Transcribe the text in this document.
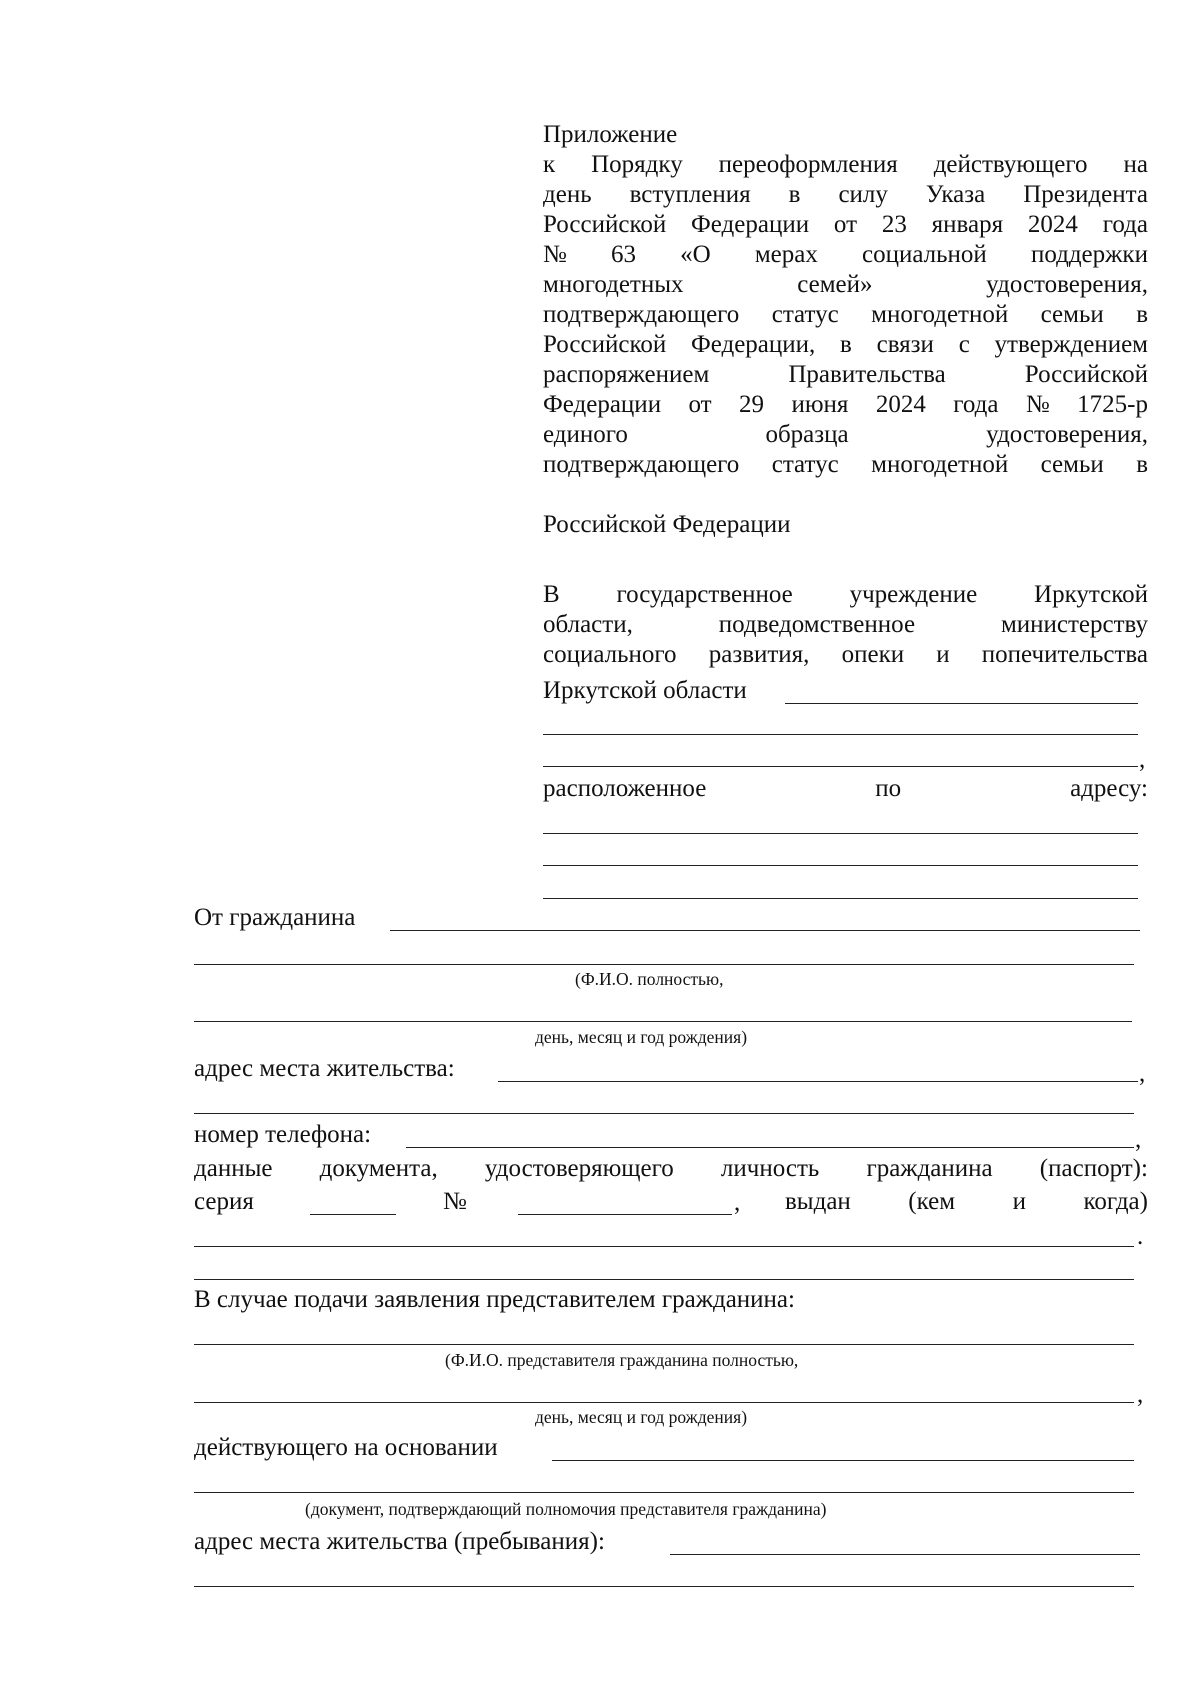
Приложение
к Порядку переоформления действующего на
день вступления в силу Указа Президента
Российской Федерации от 23 января 2024 года
№ 63 «О мерах социальной поддержки
многодетных	семей»	удостоверения,
подтверждающего статус многодетной семьи в
Российской Федерации, в связи с утверждением
распоряжением	Правительства	Российской
Федерации от 29 июня 2024 года № 1725-р
единого	образца	удостоверения,
подтверждающего статус многодетной семьи в
Российской Федерации
В государственное учреждение Иркутской
области,	подведомственное	министерству
социального развития, опеки и попечительства
Иркутской области
,
расположенное	по	адресу:
От гражданина
(Ф.И.О. полностью,
день, месяц и год рождения)
адрес места жительства:	,
номер телефона:	,
данные документа, удостоверяющего личность гражданина (паспорт):
серия	№	, выдан (кем и когда)
.
В случае подачи заявления представителем гражданина:
(Ф.И.О. представителя гражданина полностью,
,
день, месяц и год рождения)
действующего на основании
(документ, подтверждающий полномочия представителя гражданина)
адрес места жительства (пребывания):
